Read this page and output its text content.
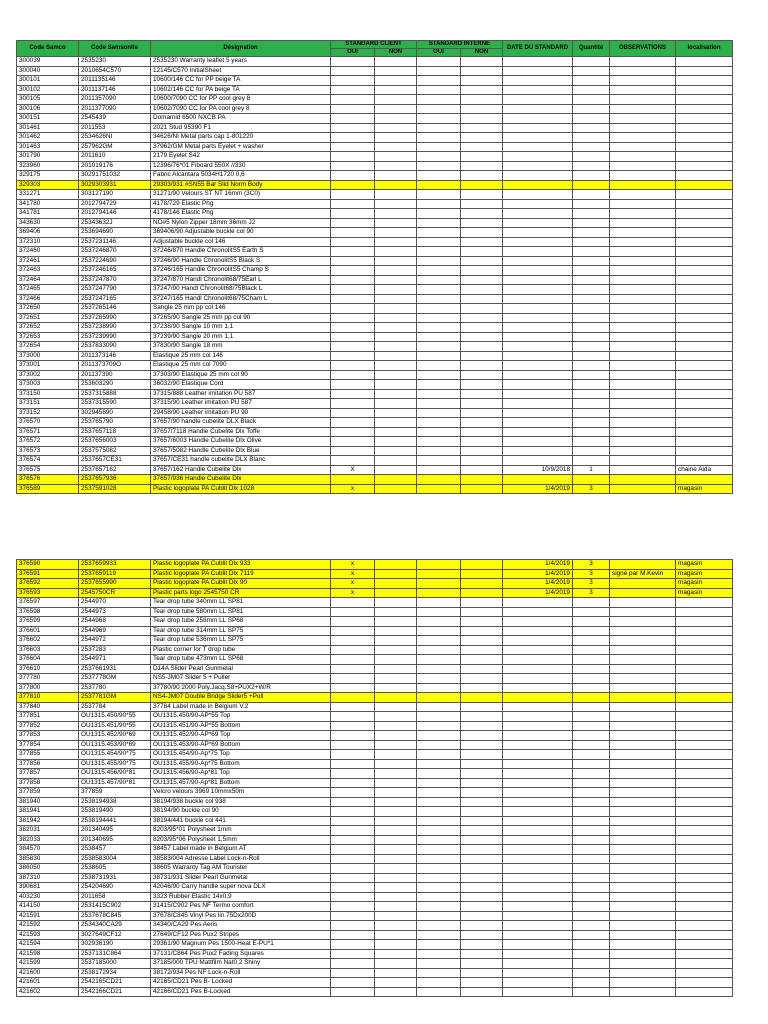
Code Samco	Code Samsonite	Désignation	STANDARD CLIENT		STANDARD INTERNE		DATE DU STANDARD	Quantité	OBSERVATIONS	localisation
			OUI	NON	OUI	NON				
300039	2535230	2535230 Warranty leaflet 5 years								
300040	2010654C570	12145/C570 InitialSheet								
300101	2011135146	10600/146 CC for PP beige TA								
300102	2011137146	10602/146 CC for PA beige TA								
300105	2011357090	10600/7090 CC for PP cool grey 8								
300106	2011377090	10602/7090 CC for PA cool grey 8								
300151	2545439	Domamid 6500 NXCB PA								
301461	2011553	2021 Stud 95390 F1								
301462	2534626NI	34626/NI Metal parts cap 1-801220								
301463	257962GM	37962/GM Metal parts Eyelet + washer								
301790	2011610	2179 Eyelet S42								
323960	201019176	12396/76*01 Fiboard 550X //330								
329175	30291751032	Fabric Alcantara 5034H1720 0,6								
329303	3029303931	29303/931 #SN55 Bar Slid Norm Body								
331271	303127190	31271/90 Velours ST NT 16mm (3C0)								
341780	2012794729	4178/729 Elastic Phg								
341781	2012794146	4178/146 Elastic Phg								
343630	25343632J	NO#5 Nylon Zipper 18mm 36mm J2								
369406	253694690	369406/90 Adjustable buckle col 90								
372310	2537231146	Adjustable buckle col 146								
372460	2537246870	37246/870 Handle ChronolitS5 Earth S								
372461	2537224690	37246/90 Handle ChronolitS5 Black S								
372463	2537246165	37246/165 Handle ChronolitS5 Champ S								
372464	2537247870	37247/870 Handl Chronolit68/75Earl L								
372465	2537247790	37247/90 Handl Chronolit68/75Black L								
372466	2537247165	37247/165 Handl Chronolit68/75Cham L								
372650	2537265146	Sangle 25 mm pp col 146								
372651	2537265990	37265/90 Sangle 25 mm pp col 90								
372652	2537238990	37238/90 Sangle 10 mm 1,1								
372653	2537239990	37239/90 Sangle 20 mm 1,1								
372654	2537833090	37830/90 Sangle 18 mm								
373000	2011373146	Elastique 25 mm col 146								
373001	2011373709O	Elastique 25 mm col 7090								
373002	201137390	37303/90 Elastique 25 mm col 90								
373003	253603290	36032/90 Elastique Cord								
373150	2537315888	37315/888 Leather imitation PU 587								
373151	2537315590	37315/90 Leather imitation PU 587								
373152	302945890	29458/90 Leather imitation PU 90								
376570	253765790	37657/90 handle cubelite DLX Black								
376571	2537657118	37657/7118 Handle Cubelite Dlx Toffe								
376572	2537656003	37657/6003 Handle Cubelite Dlx Olive								
376573	2537575082	37657/5082 Handle Cubelite Dlx Blue								
376574	2537657CE31	37657/CE31 handle cubelite DLX Blanc								
376575	2537657162	37657/162 Handle Cubelite Dlx	X				10/9/2018	1		chaine Aida
376576	2537657936	37657/936 Handle Cubelite Dlx								
376589	2537591028	Plastic logoplate PA Cublit Dlx 1028	x				1/4/2019	3		magasin
376590	2537659933	Plastic logoplate PA Cublit Dlx 933	x				1/4/2019	3		magasin
376591	2537659119	Plastic logoplate PA Cublit Dlx 7119	x				1/4/2019	3	signé par M.Kevin	magasin
376592	2537655990	Plastic logoplate PA Cublit Dlx 90	x				1/4/2019	3		magasin
376593	2545750CR	Plastic parts logo 2545750 CR	x				1/4/2019	3		magasin
376597	2544970	Tear drop tube 340mm LL SP81								
376598	2544973	Tear drop tube 580mm LL SP81								
376599	2544968	Tear drop tube 258mm LL SP68								
376601	2544969	Tear drop tube 314mm LL SP75								
376602	2544972	Tear drop tube 536mm LL SP75								
376603	2537283	Plastic corner for T drop tube								
376604	2544971	Tear drop tube 473mm LL SP68								
376610	2537661931	D14A Slider Pearl Gunmetal								
377780	2537778GM	NS5-JM07 Slider 5 + Puller								
377800	2537780	37780/90 2000 Poly.Jacq.S8+PUX2+W/R								
377810	2537781GM	NS4-JM07 Double Bridge Slider5 +Pull								
377840	2537784	37784 Label made in Belgium V.2								
377851	OU1315.450/90*55	OU1315.450/90-AP*55 Top								
377852	OU1315.451/90*55	OU1315.451/90-AP*55 Bottom								
377853	OU1315.452/90*69	OU1315.452/90-AP*69 Top								
377854	OU1315.453/90*69	OU1315.453/90-AP*69 Bottom								
377855	OU1315.454/90*75	OU1315.454/90-Ap*75 Top								
377856	OU1315.455/90*75	OU1315.455/90-Ap*75 Bottom								
377857	OU1315.456/90*81	OU1315.456/90-Ap*81 Top								
377858	OU1315.457/90*81	OU1315.457/90-Ap*81 Bottom								
377859	377859	Velcro velours 3969 10mmx50m								
381940	2538194938	38194/938 buckle col 938								
381941	253819490	38194/90 buckle col 90								
381942	2538194441	38194/441 buckle col 441								
382031	201340495	8203/95*01 Polysheet 1mm								
382033	201340695	8203/95*06 Polysheet 1,5mm								
384570	2538457	38457 Label made in Belgium AT								
385830	2538583004	38583/004 Adresse Label Lock-n-Roll								
386050	2538605	38605 Warranty Tag AM Tourister								
387310	2538731931	38731/931 Slider Pearl Gunmetal								
390681	254204690	42046/90 Carry handle super nova DLX								
403230	2011658	3323 Rubber Elastic 14x0,9								
414150	2531415C902	31415/C902 Pes NF Termo comfort								
421591	2537678C845	37678/C845 Vinyl Pes lin 75Dx200D								
421592	2534340CA29	34340/CA29 Pes Aeris								
421593	3027649CF12	27649/CF12 Pes Pux2 Stripes								
421594	302936190	29361/90 Magnum Pes 1500-Heat E-PU*1								
421598	2537131C864	37131/C864 Pes Pux2 Fading Squares								
421599	2537185000	37185/000 TPU Mattfilm Nat0,2 Shiny								
421600	2538172934	38172/934 Pes NF Lock-n-Roll								
421601	2542165CD21	42165/CD21 Pes B- Locked								
421602	2542166CD21	42166/CD21 Pes B-Locked								
